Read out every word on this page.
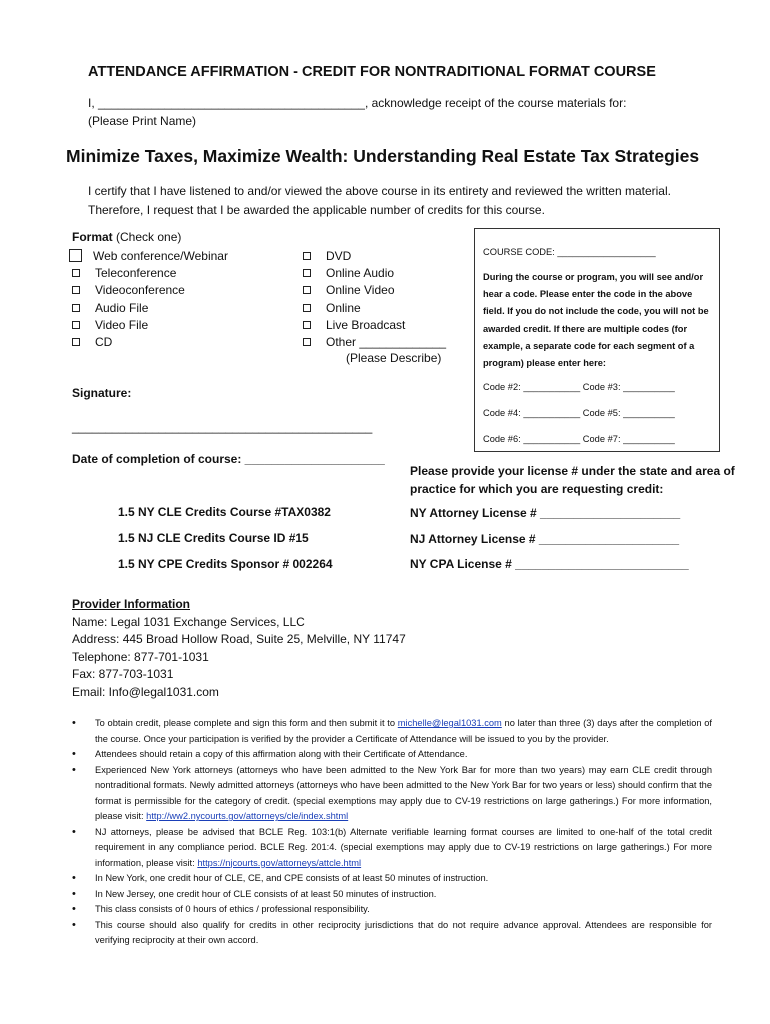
ATTENDANCE AFFIRMATION - CREDIT FOR NONTRADITIONAL FORMAT COURSE
I, ________________________________________, acknowledge receipt of the course materials for:
(Please Print Name)
Minimize Taxes, Maximize Wealth: Understanding Real Estate Tax Strategies
I certify that I have listened to and/or viewed the above course in its entirety and reviewed the written material. Therefore, I request that I be awarded the applicable number of credits for this course.
Format (Check one)
Web conference/Webinar
Teleconference
Videoconference
Audio File
Video File
CD
DVD
Online Audio
Online Video
Online
Live Broadcast
Other _____________
(Please Describe)
COURSE CODE: ___________________
During the course or program, you will see and/or hear a code. Please enter the code in the above field. If you do not include the code, you will not be awarded credit. If there are multiple codes (for example, a separate code for each segment of a program) please enter here:
Code #2: ___________ Code #3: __________
Code #4: ___________ Code #5: __________
Code #6: ___________ Code #7: __________
Signature:
_____________________________________________
Date of completion of course: _____________________
Please provide your license # under the state and area of practice for which you are requesting credit:
1.5 NY CLE Credits Course #TAX0382	NY Attorney License # _____________________
1.5 NJ CLE Credits Course ID #15	NJ Attorney License # _____________________
1.5 NY CPE Credits Sponsor # 002264	NY CPA License # __________________________
Provider Information
Name: Legal 1031 Exchange Services, LLC
Address: 445 Broad Hollow Road, Suite 25, Melville, NY 11747
Telephone: 877-701-1031
Fax: 877-703-1031
Email: Info@legal1031.com
• To obtain credit, please complete and sign this form and then submit it to michelle@legal1031.com no later than three (3) days after the completion of the course. Once your participation is verified by the provider a Certificate of Attendance will be issued to you by the provider.
• Attendees should retain a copy of this affirmation along with their Certificate of Attendance.
• Experienced New York attorneys (attorneys who have been admitted to the New York Bar for more than two years) may earn CLE credit through nontraditional formats. Newly admitted attorneys (attorneys who have been admitted to the New York Bar for two years or less) should confirm that the format is permissible for the category of credit. (special exemptions may apply due to CV-19 restrictions on large gatherings.) For more information, please visit: http://ww2.nycourts.gov/attorneys/cle/index.shtml
• NJ attorneys, please be advised that BCLE Reg. 103:1(b) Alternate verifiable learning format courses are limited to one-half of the total credit requirement in any compliance period. BCLE Reg. 201:4. (special exemptions may apply due to CV-19 restrictions on large gatherings.) For more information, please visit: https://njcourts.gov/attorneys/attcle.html
• In New York, one credit hour of CLE, CE, and CPE consists of at least 50 minutes of instruction.
• In New Jersey, one credit hour of CLE consists of at least 50 minutes of instruction.
• This class consists of 0 hours of ethics / professional responsibility.
• This course should also qualify for credits in other reciprocity jurisdictions that do not require advance approval. Attendees are responsible for verifying reciprocity at their own accord.
